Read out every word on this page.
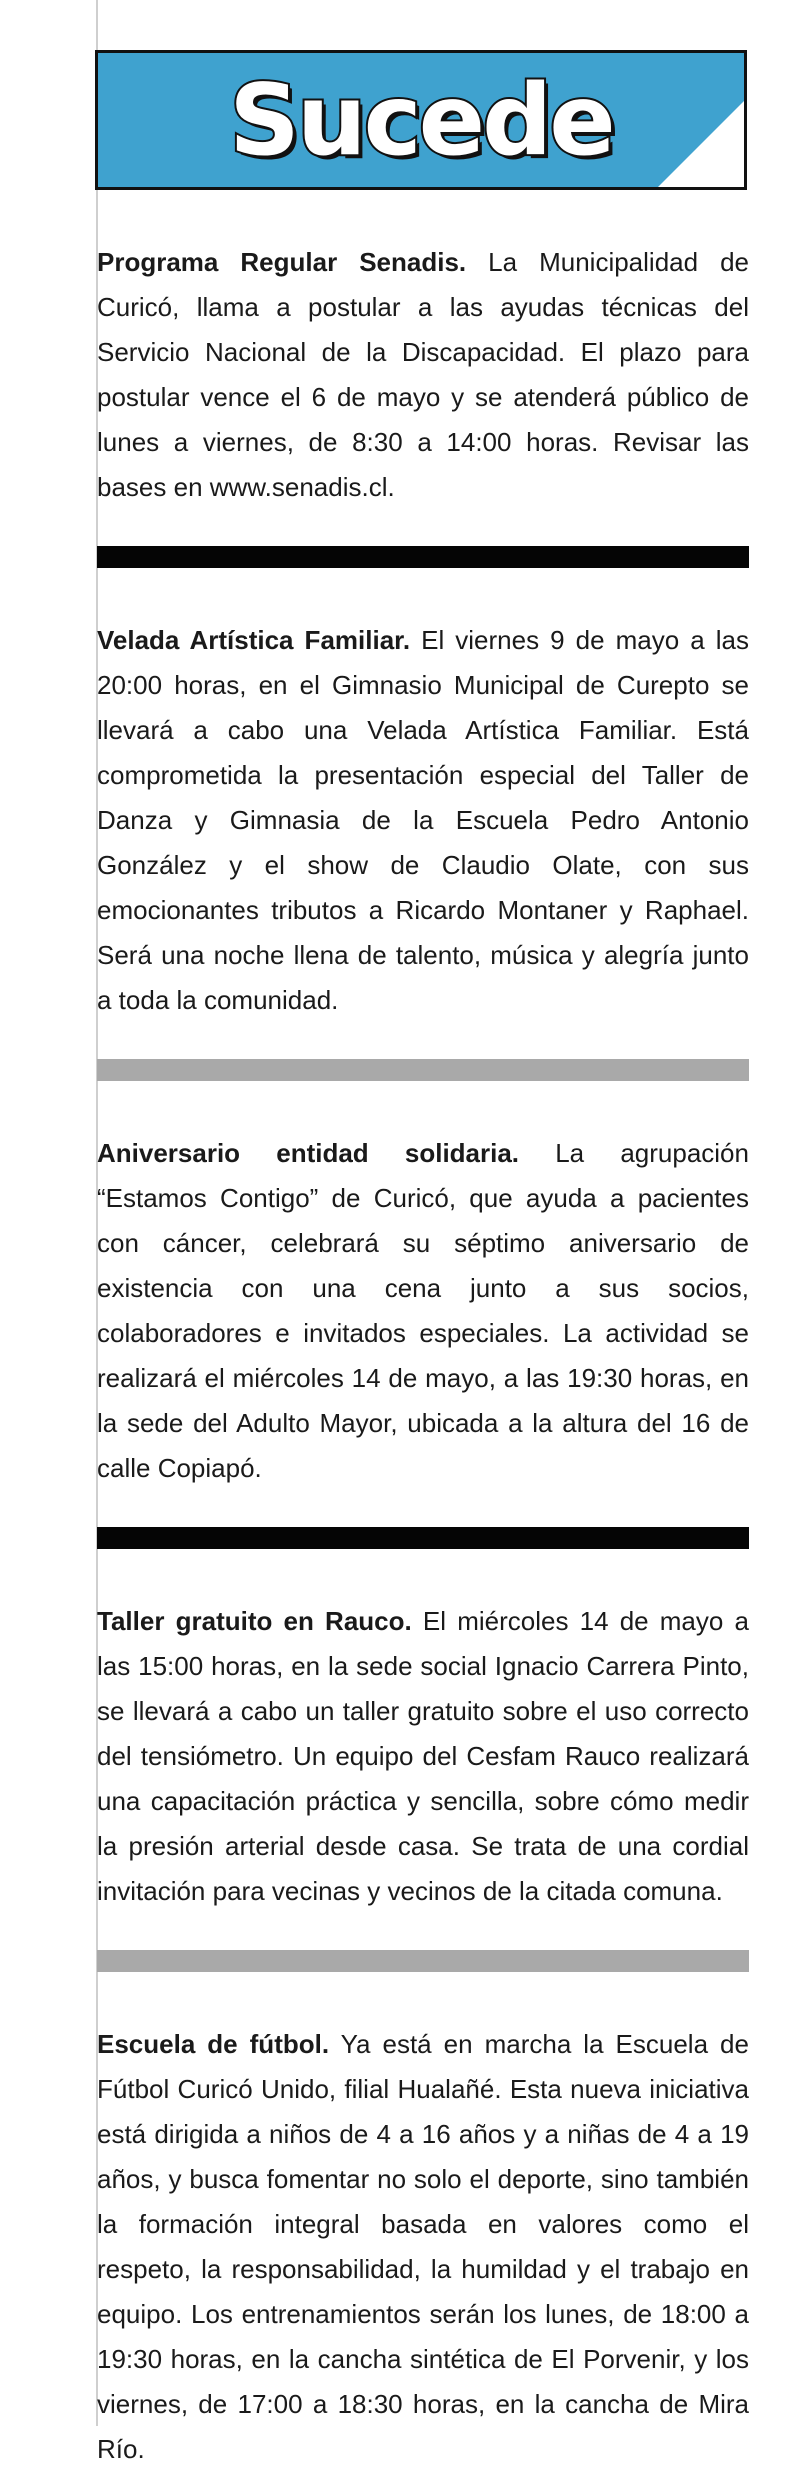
Sucede

Programa Regular Senadis. La Municipalidad de Curicó, llama a postular a las ayudas técnicas del Servicio Nacional de la Discapacidad. El plazo para postular vence el 6 de mayo y se atenderá público de lunes a viernes, de 8:30 a 14:00 horas. Revisar las bases en www.senadis.cl.

Velada Artística Familiar. El viernes 9 de mayo a las 20:00 horas, en el Gimnasio Municipal de Curepto se llevará a cabo una Velada Artística Familiar. Está comprometida la presentación especial del Taller de Danza y Gimnasia de la Escuela Pedro Antonio González y el show de Claudio Olate, con sus emocionantes tributos a Ricardo Montaner y Raphael. Será una noche llena de talento, música y alegría junto a toda la comunidad.

Aniversario entidad solidaria. La agrupación “Estamos Contigo” de Curicó, que ayuda a pacientes con cáncer, celebrará su séptimo aniversario de existencia con una cena junto a sus socios, colaboradores e invitados especiales. La actividad se realizará el miércoles 14 de mayo, a las 19:30 horas, en la sede del Adulto Mayor, ubicada a la altura del 16 de calle Copiapó.

Taller gratuito en Rauco. El miércoles 14 de mayo a las 15:00 horas, en la sede social Ignacio Carrera Pinto, se llevará a cabo un taller gratuito sobre el uso correcto del tensiómetro. Un equipo del Cesfam Rauco realizará una capacitación práctica y sencilla, sobre cómo medir la presión arterial desde casa. Se trata de una cordial invitación para vecinas y vecinos de la citada comuna.

Escuela de fútbol. Ya está en marcha la Escuela de Fútbol Curicó Unido, filial Hualañé. Esta nueva iniciativa está dirigida a niños de 4 a 16 años y a niñas de 4 a 19 años, y busca fomentar no solo el deporte, sino también la formación integral basada en valores como el respeto, la responsabilidad, la humildad y el trabajo en equipo. Los entrenamientos serán los lunes, de 18:00 a 19:30 horas, en la cancha sintética de El Porvenir, y los viernes, de 17:00 a 18:30 horas, en la cancha de Mira Río.
